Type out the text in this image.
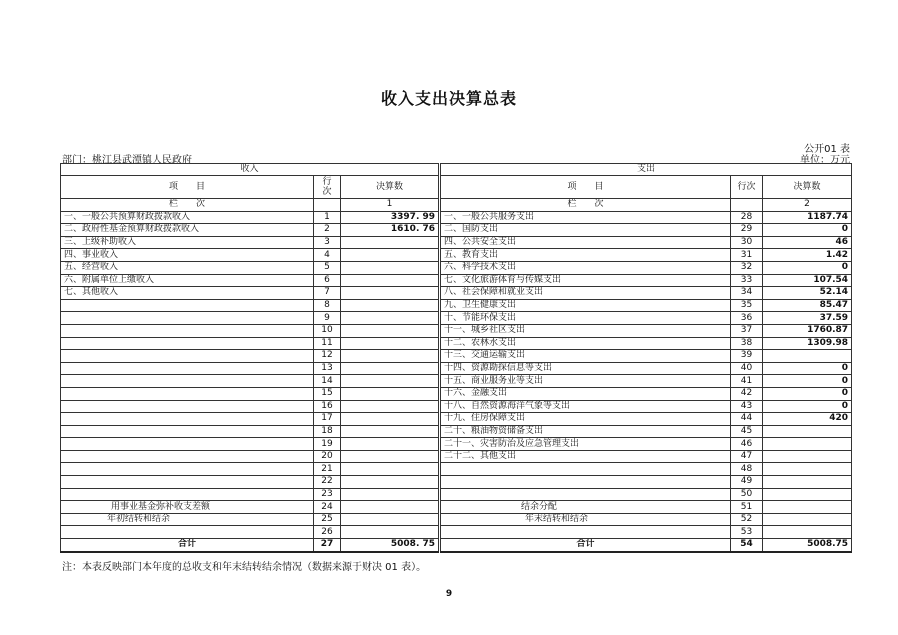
收入支出决算总表
公开01 表
部门：桃江县武潭镇人民政府	单位：万元
收入				支出		
项　　目	行次	决算数		项　　目	行次	决算数
栏　　次		1		栏　　次		2
一、一般公共预算财政拨款收入	1	3397. 99		一、一般公共服务支出	28	1187.74
二、政府性基金预算财政拨款收入	2	1610. 76		二、国防支出	29	0
三、上级补助收入	3			四、公共安全支出	30	46
四、事业收入	4			五、教育支出	31	1.42
五、经营收入	5			六、科学技术支出	32	0
六、附属单位上缴收入	6			七、文化旅游体育与传媒支出	33	107.54
七、其他收入	7			八、社会保障和就业支出	34	52.14
	8			九、卫生健康支出	35	85.47
	9			十、节能环保支出	36	37.59
	10			十一、城乡社区支出	37	1760.87
	11			十二、农林水支出	38	1309.98
	12			十三、交通运输支出	39	
	13			十四、资源勘探信息等支出	40	0
	14			十五、商业服务业等支出	41	0
	15			十六、金融支出	42	0
	16			十八、自然资源海洋气象等支出	43	0
	17			十九、住房保障支出	44	420
	18			二十、粮油物资储备支出	45	
	19			二十一、灾害防治及应急管理支出	46	
	20			二十二、其他支出	47	
	21				48	
	22				49	
	23				50	
用事业基金弥补收支差额	24			结余分配	51	
年初结转和结余	25			年末结转和结余	52	
	26				53	
合计	27	5008. 75		合计	54	5008.75
注：本表反映部门本年度的总收支和年末结转结余情况（数据来源于财决 01 表）。
9
